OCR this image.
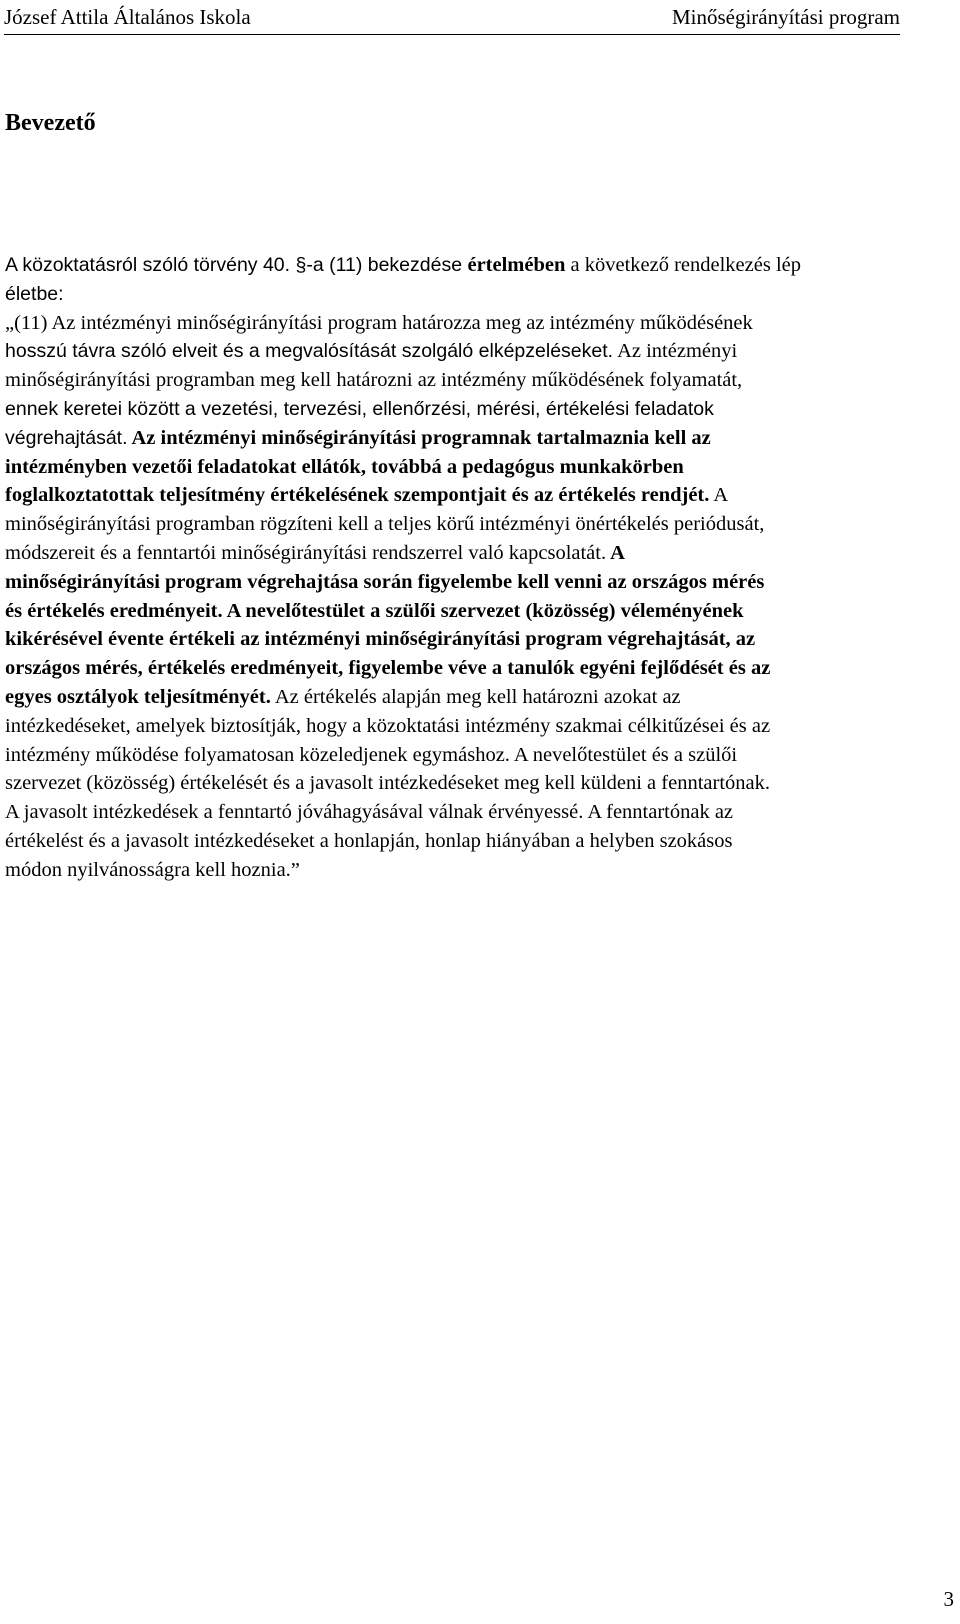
József Attila Általános Iskola	Minőségirányítási program
Bevezető
A közoktatásról szóló törvény 40. §-a (11) bekezdése értelmében a következő rendelkezés lép
életbe:
„(11) Az intézményi minőségirányítási program határozza meg az intézmény működésének
hosszú távra szóló elveit és a megvalósítását szolgáló elképzeléseket. Az intézményi
minőségirányítási programban meg kell határozni az intézmény működésének folyamatát,
ennek keretei között a vezetési, tervezési, ellenőrzési, mérési, értékelési feladatok
végrehajtását. Az intézményi minőségirányítási programnak tartalmaznia kell az
intézményben vezetői feladatokat ellátók, továbbá a pedagógus munkakörben
foglalkoztatottak teljesítmény értékelésének szempontjait és az értékelés rendjét. A
minőségirányítási programban rögzíteni kell a teljes körű intézményi önértékelés periódusát,
módszereit és a fenntartói minőségirányítási rendszerrel való kapcsolatát. A
minőségirányítási program végrehajtása során figyelembe kell venni az országos mérés
és értékelés eredményeit. A nevelőtestület a szülői szervezet (közösség) véleményének
kikérésével évente értékeli az intézményi minőségirányítási program végrehajtását, az
országos mérés, értékelés eredményeit, figyelembe véve a tanulók egyéni fejlődését és az
egyes osztályok teljesítményét. Az értékelés alapján meg kell határozni azokat az
intézkedéseket, amelyek biztosítják, hogy a közoktatási intézmény szakmai célkitűzései és az
intézmény működése folyamatosan közeledjenek egymáshoz. A nevelőtestület és a szülői
szervezet (közösség) értékelését és a javasolt intézkedéseket meg kell küldeni a fenntartónak.
A javasolt intézkedések a fenntartó jóváhagyásával válnak érvényessé. A fenntartónak az
értékelést és a javasolt intézkedéseket a honlapján, honlap hiányában a helyben szokásos
módon nyilvánosságra kell hoznia.”
3
